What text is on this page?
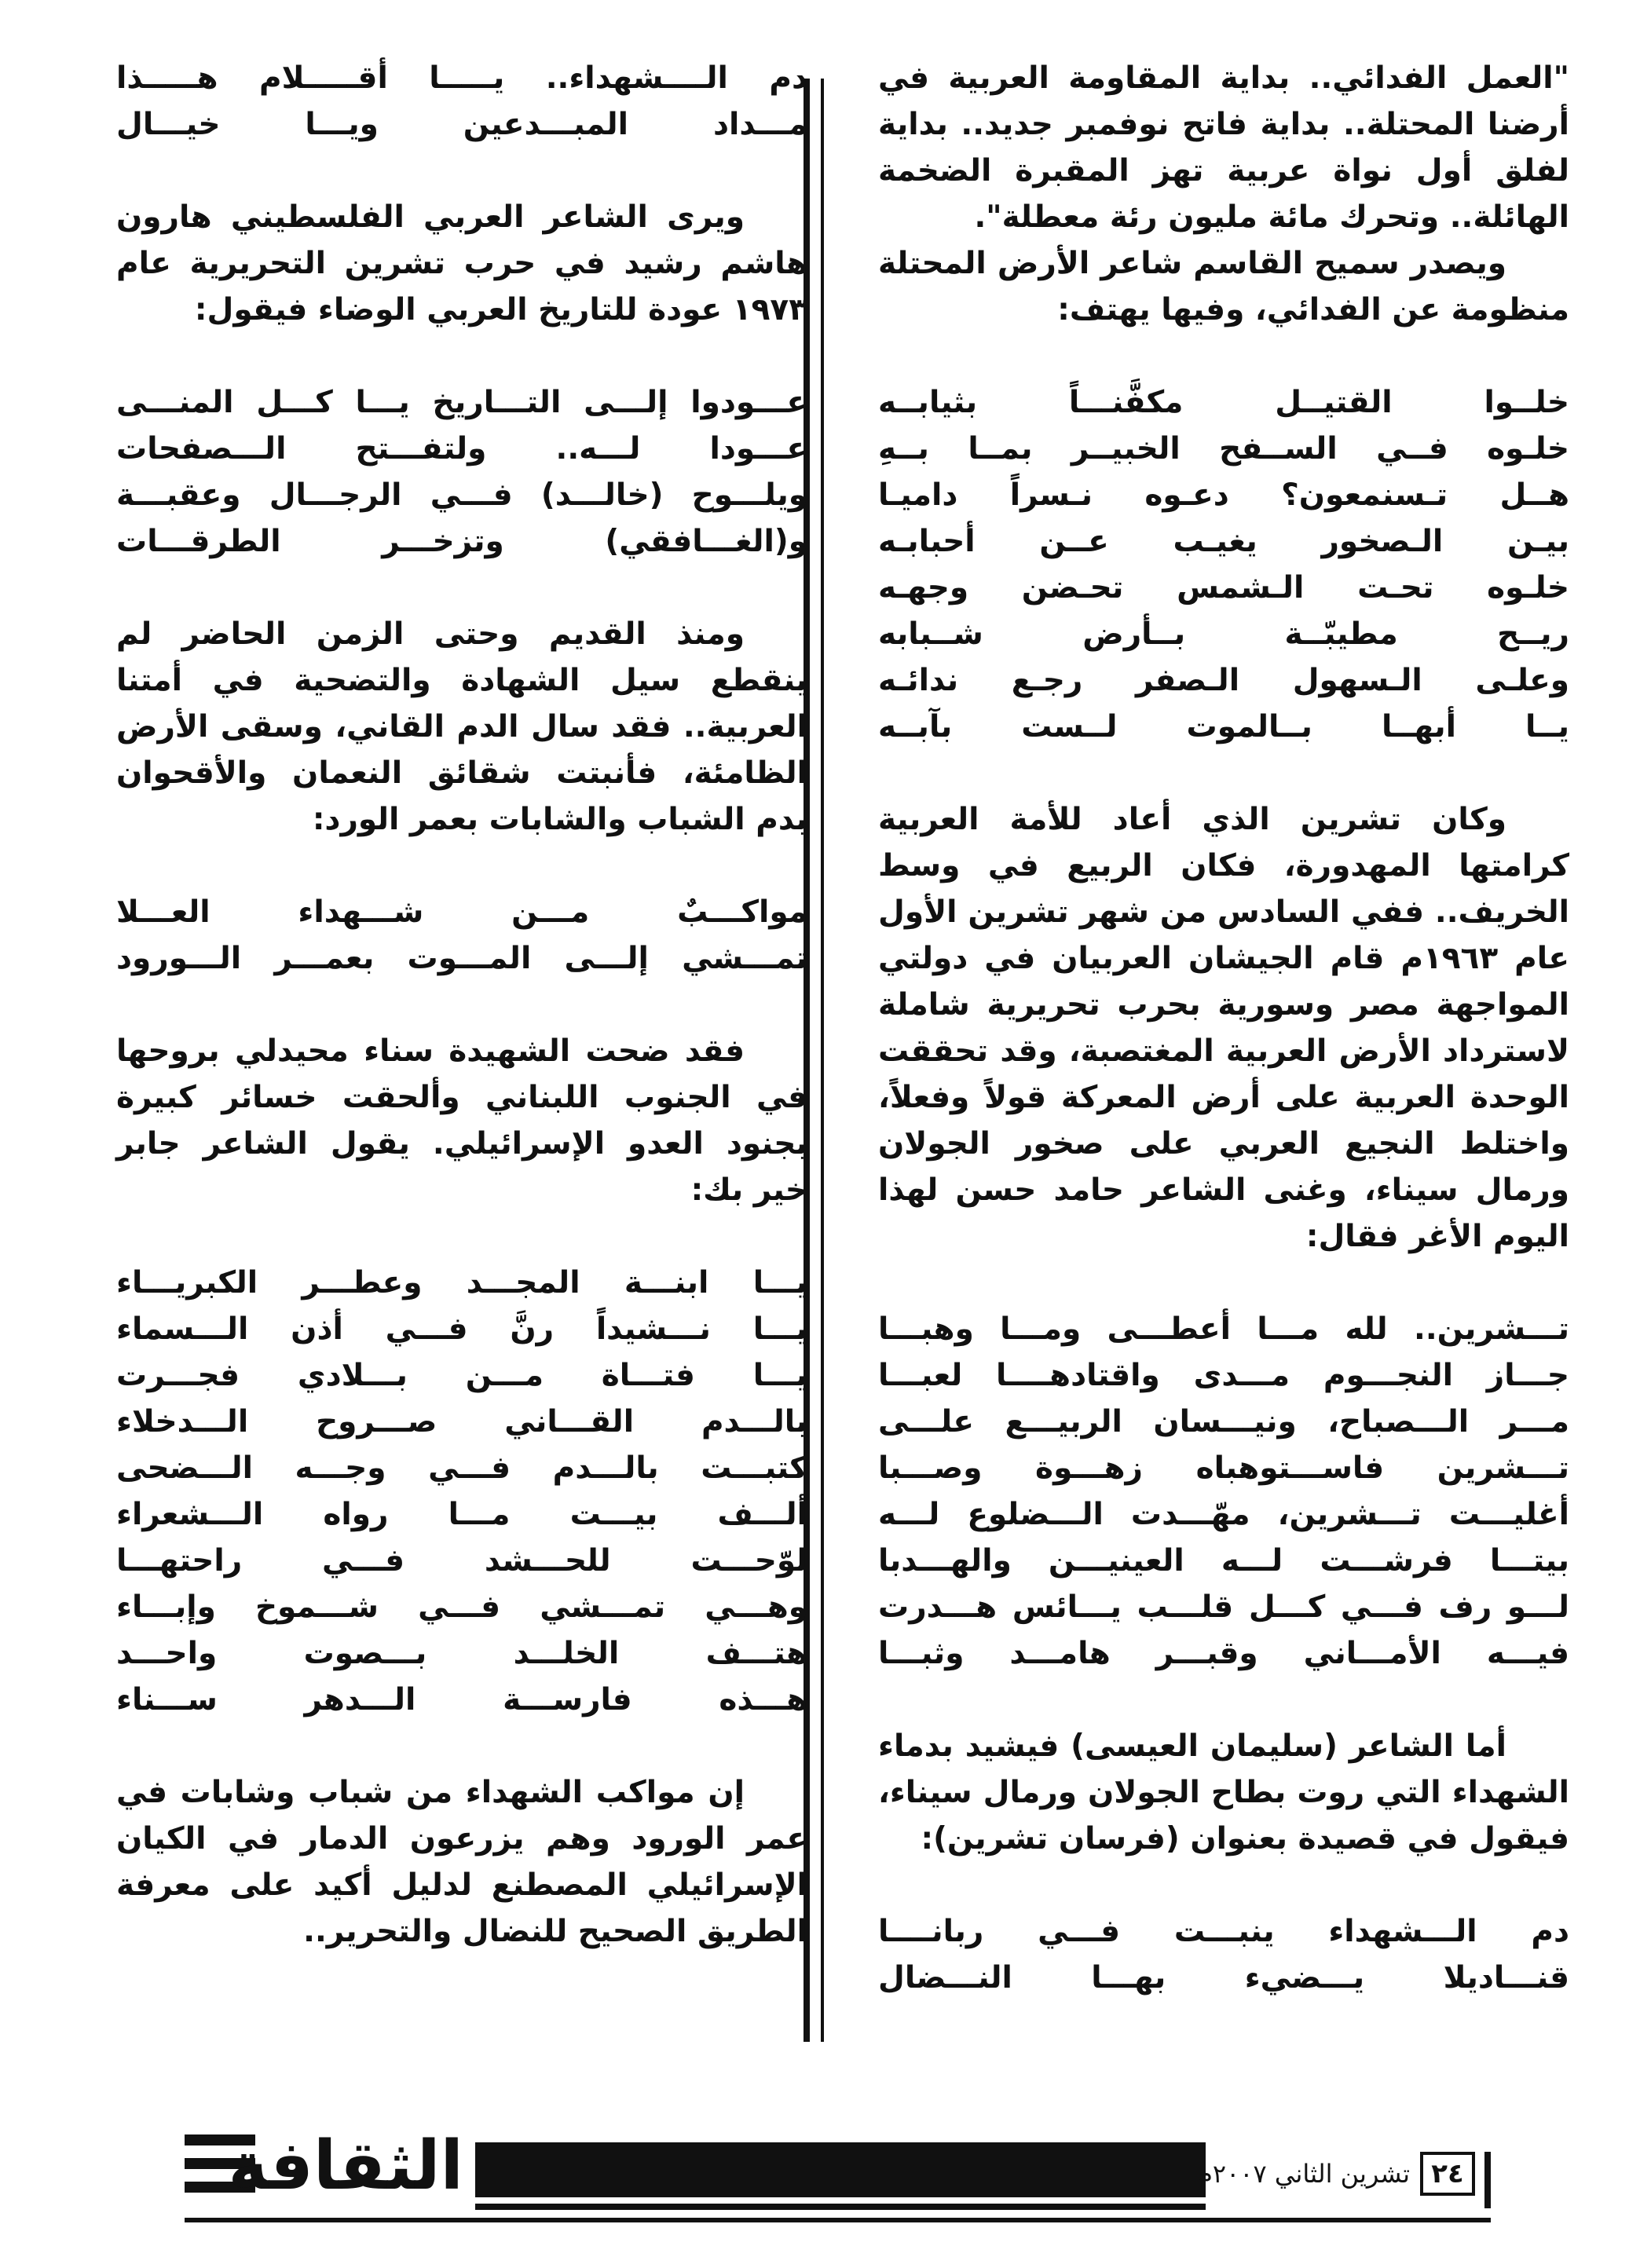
"العمل الفدائي.. بداية المقاومة العربية في أرضنا المحتلة.. بداية فاتح نوفمبر جديد.. بداية لفلق أول نواة عربية تهز المقبرة الضخمة الهائلة.. وتحرك مائة مليون رئة معطلة".

ويصدر سميح القاسم شاعر الأرض المحتلة منظومة عن الفدائي، وفيها يهتف:

خلــوا القتيــل مكفَّنـــاً بثيابــه
خلـوه فــي الســفح الخبيــر بمــا بــهِ
هــل تـسنمعون؟ دعـوه نـسراً داميـا
بيـن الـصخور يغيـب عــن أحبابـه
خلـوه تحـت الـشمس تحـضن وجهـه
ريــح مطيبّــة بــأرض شــبابه
وعلـى الـسهول الـصفر رجـع ندائـه
يــا أبهــا بــالموت لــست بآبــه

وكان تشرين الذي أعاد للأمة العربية كرامتها المهدورة، فكان الربيع في وسط الخريف.. ففي السادس من شهر تشرين الأول عام ١٩٦٣م قام الجيشان العربيان في دولتي المواجهة مصر وسورية بحرب تحريرية شاملة لاسترداد الأرض العربية المغتصبة، وقد تحققت الوحدة العربية على أرض المعركة قولاً وفعلاً، واختلط النجيع العربي على صخور الجولان ورمال سيناء، وغنى الشاعر حامد حسن لهذا اليوم الأغر فقال:

تـــشرين.. لله مـــا أعطـــى ومـــا وهبـــا
جـــاز النجـــوم مـــدى واقتادهــــا لعبـــا
مـــر الـــصباح، ونيـــسان الربيـــع علـــى
تـــشرين فاســـتوهباه زهـــوة وصـــبا
أغليـــت تـــشرين، مهّـــدت الـــضلوع لـــه
بيتـــا فرشـــت لـــه العينيـــن والهـــدبا
لـــو رف فـــي كـــل قلـــب يـــائس هـــدرت
فيـــه الأمـــاني وقبـــر هامـــد وثبـــا

أما الشاعر (سليمان العيسى) فيشيد بدماء الشهداء التي روت بطاح الجولان ورمال سيناء، فيقول في قصيدة بعنوان (فرسان تشرين):

دم الـــشهداء ينبـــت فـــي ربانــــا
قنـــاديلا يـــضيء بهـــا النـــضال
دم الــــشهداء.. يـــــا أقـــــلام هـــــذا
مـــداد المبـــدعين ويـــا خيـــال

ويرى الشاعر العربي الفلسطيني هارون هاشم رشيد في حرب تشرين التحريرية عام ١٩٧٣ عودة للتاريخ العربي الوضاء فيقول:

عـــودوا إلـــى التـــاريخ يـــا كـــل المنـــى
عـــودا لـــه.. ولتفـــتح الـــصفحات
ويلـــوح (خالـــد) فـــي الرجـــال وعقبـــة
و(الغـــافقي) وتزخـــر الطرقـــات

ومنذ القديم وحتى الزمن الحاضر لم ينقطع سيل الشهادة والتضحية في أمتنا العربية.. فقد سال الدم القاني، وسقى الأرض الظامئة، فأنبتت شقائق النعمان والأقحوان بدم الشباب والشابات بعمر الورد:

مواكـــبٌ مـــن شـــهداء العـــلا
تمـــشي إلـــى المـــوت بعمـــر الـــورود

فقد ضحت الشهيدة سناء محيدلي بروحها في الجنوب اللبناني وألحقت خسائر كبيرة بجنود العدو الإسرائيلي. يقول الشاعر جابر خير بك:

يـــا ابنـــة المجـــد وعطـــر الكبريـــاء
يـــا نـــشيداً رنَّ فـــي أذن الـــسماء
يـــا فتـــاة مـــن بـــلادي فجـــرت
بالـــدم القـــاني صـــروح الـــدخلاء
كتبـــت بالـــدم فـــي وجـــه الـــضحى
ألـــف بيـــت مـــا رواه الـــشعراء
لوّحـــت للحـــشد فـــي راحتهـــا
وهـــي تمـــشي فـــي شـــموخ وإبـــاء
هتـــف الخلـــد بـــصوت واحـــد
هـــذه فارســـة الـــدهر ســـناء

إن مواكب الشهداء من شباب وشابات في عمر الورود وهم يزرعون الدمار في الكيان الإسرائيلي المصطنع لدليل أكيد على معرفة الطريق الصحيح للنضال والتحرير..

الثقافة	تشرين الثاني ٢٠٠٧م ٢٤
